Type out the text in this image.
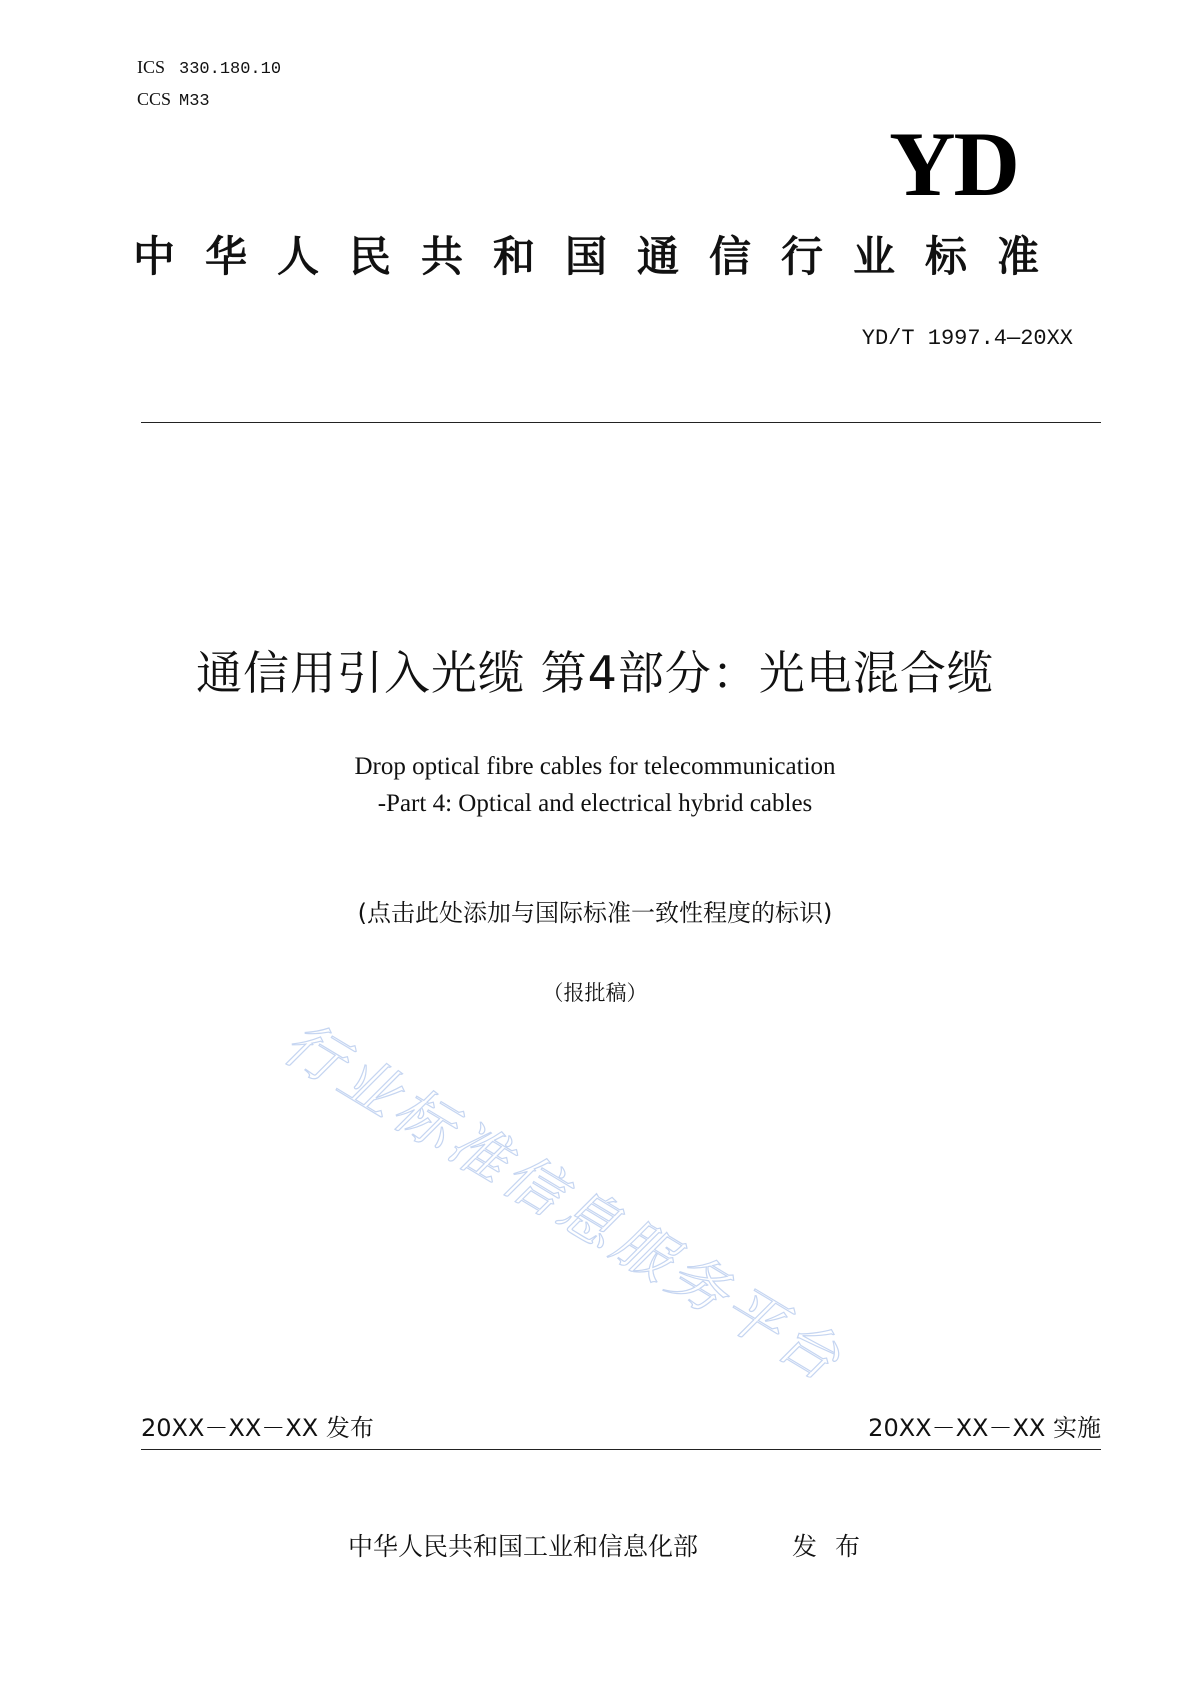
ICS 330.180.10
CCS M33
YD
中华人民共和国通信行业标准
YD/T 1997.4—20XX
通信用引入光缆 第4部分：光电混合缆
Drop optical fibre cables for telecommunication
-Part 4: Optical and electrical hybrid cables
(点击此处添加与国际标准一致性程度的标识)
（报批稿）
行业标准信息服务平台
20XX－XX－XX 发布	20XX－XX－XX 实施
中华人民共和国工业和信息化部	发布
